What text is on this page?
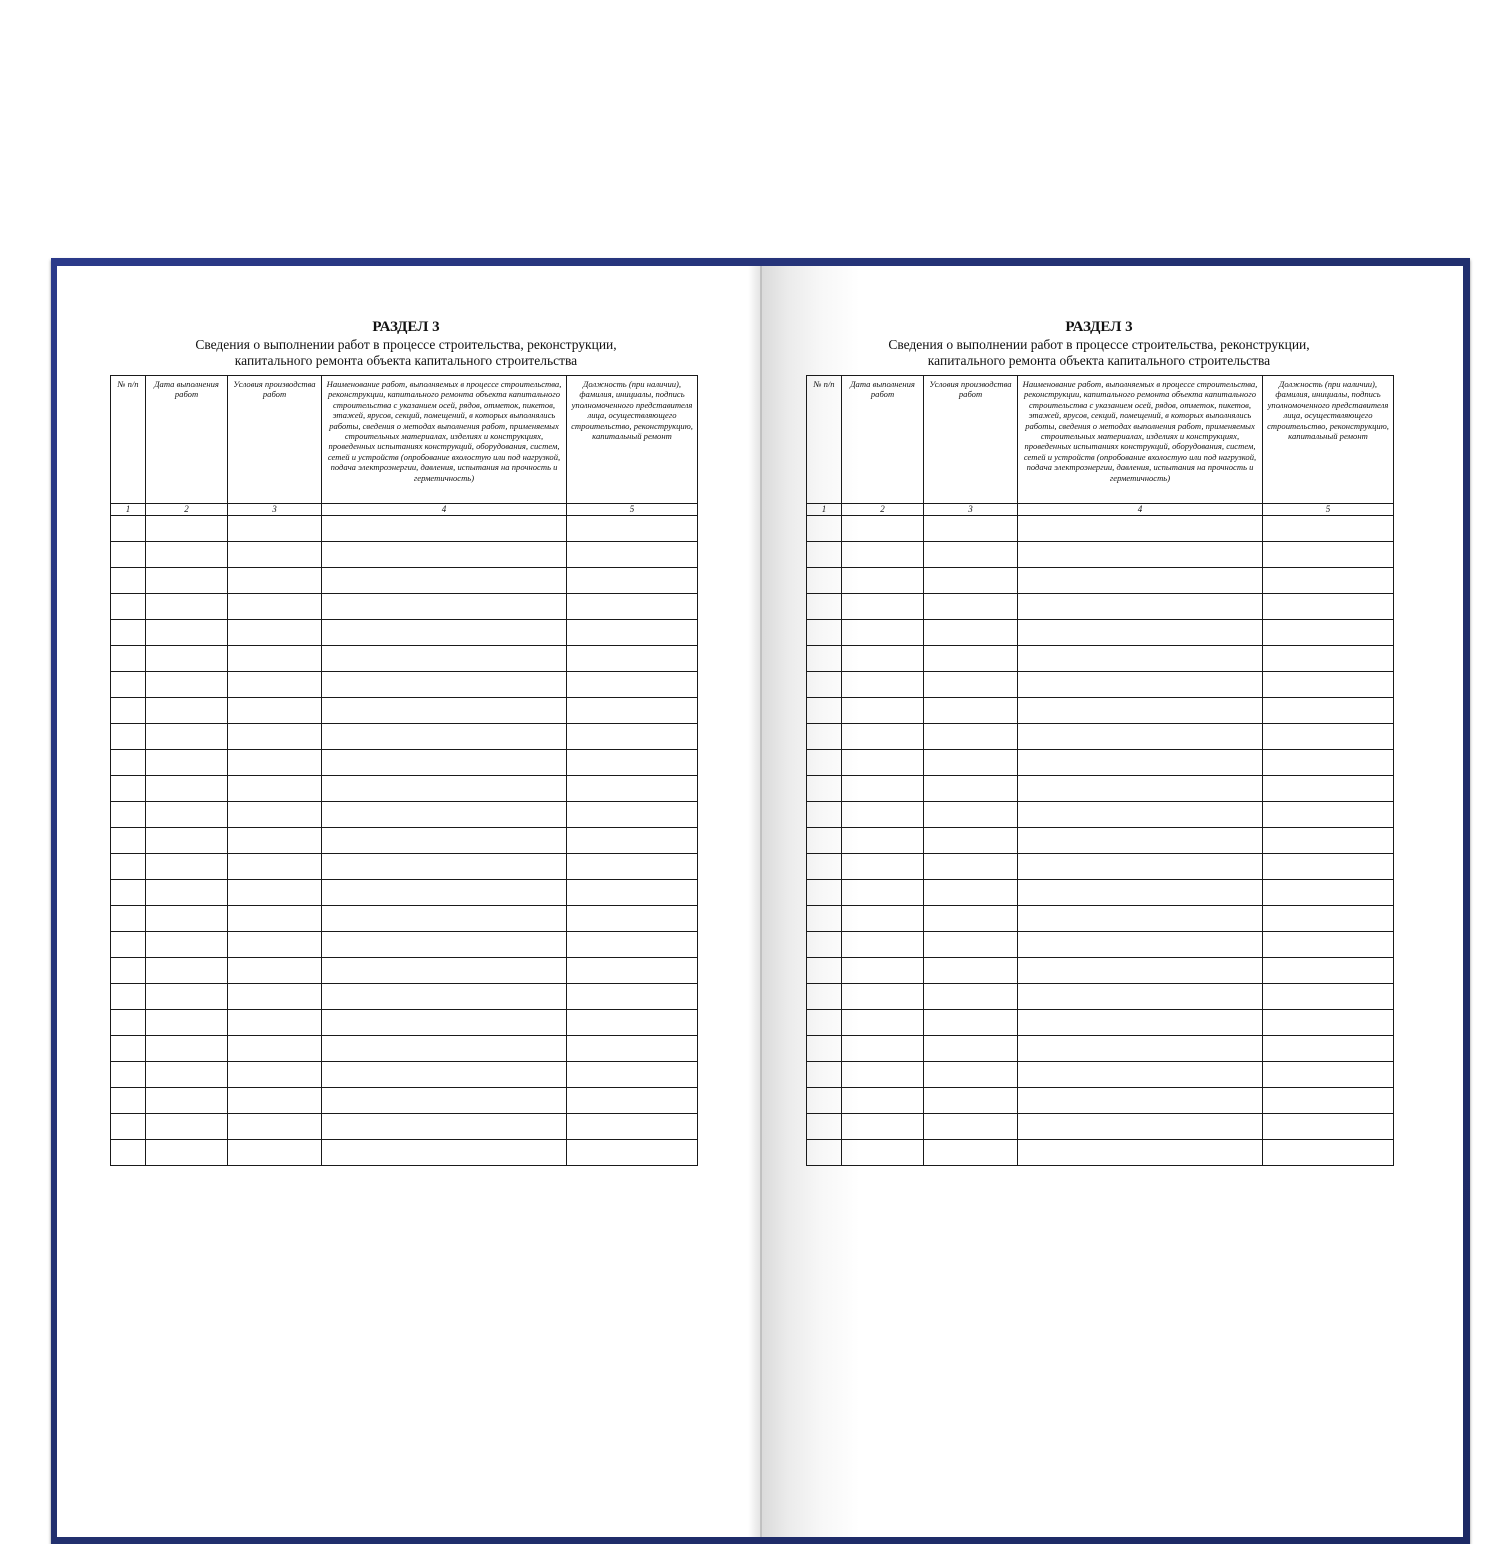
РАЗДЕЛ 3
Сведения о выполнении работ в процессе строительства, реконструкции,
капитального ремонта объекта капитального строительства
№ п/п	Дата выполнения работ	Условия производства работ	Наименование работ, выполняемых в процессе строительства, реконструкции, капитального ремонта объекта капитального строительства с указанием осей, рядов, отметок, пикетов, этажей, ярусов, секций, помещений, в которых выполнялись работы, сведения о методах выполнения работ, применяемых строительных материалах, изделиях и конструкциях, проведенных испытаниях конструкций, оборудования, систем, сетей и устройств (опробование вхолостую или под нагрузкой, подача электроэнергии, давления, испытания на прочность и герметичность)	Должность (при наличии), фамилия, инициалы, подпись уполномоченного представителя лица, осуществляющего строительство, реконструкцию, капитальный ремонт
1	2	3	4	5

РАЗДЕЛ 3
Сведения о выполнении работ в процессе строительства, реконструкции,
капитального ремонта объекта капитального строительства
№ п/п	Дата выполнения работ	Условия производства работ	Наименование работ, выполняемых в процессе строительства, реконструкции, капитального ремонта объекта капитального строительства с указанием осей, рядов, отметок, пикетов, этажей, ярусов, секций, помещений, в которых выполнялись работы, сведения о методах выполнения работ, применяемых строительных материалах, изделиях и конструкциях, проведенных испытаниях конструкций, оборудования, систем, сетей и устройств (опробование вхолостую или под нагрузкой, подача электроэнергии, давления, испытания на прочность и герметичность)	Должность (при наличии), фамилия, инициалы, подпись уполномоченного представителя лица, осуществляющего строительство, реконструкцию, капитальный ремонт
1	2	3	4	5
